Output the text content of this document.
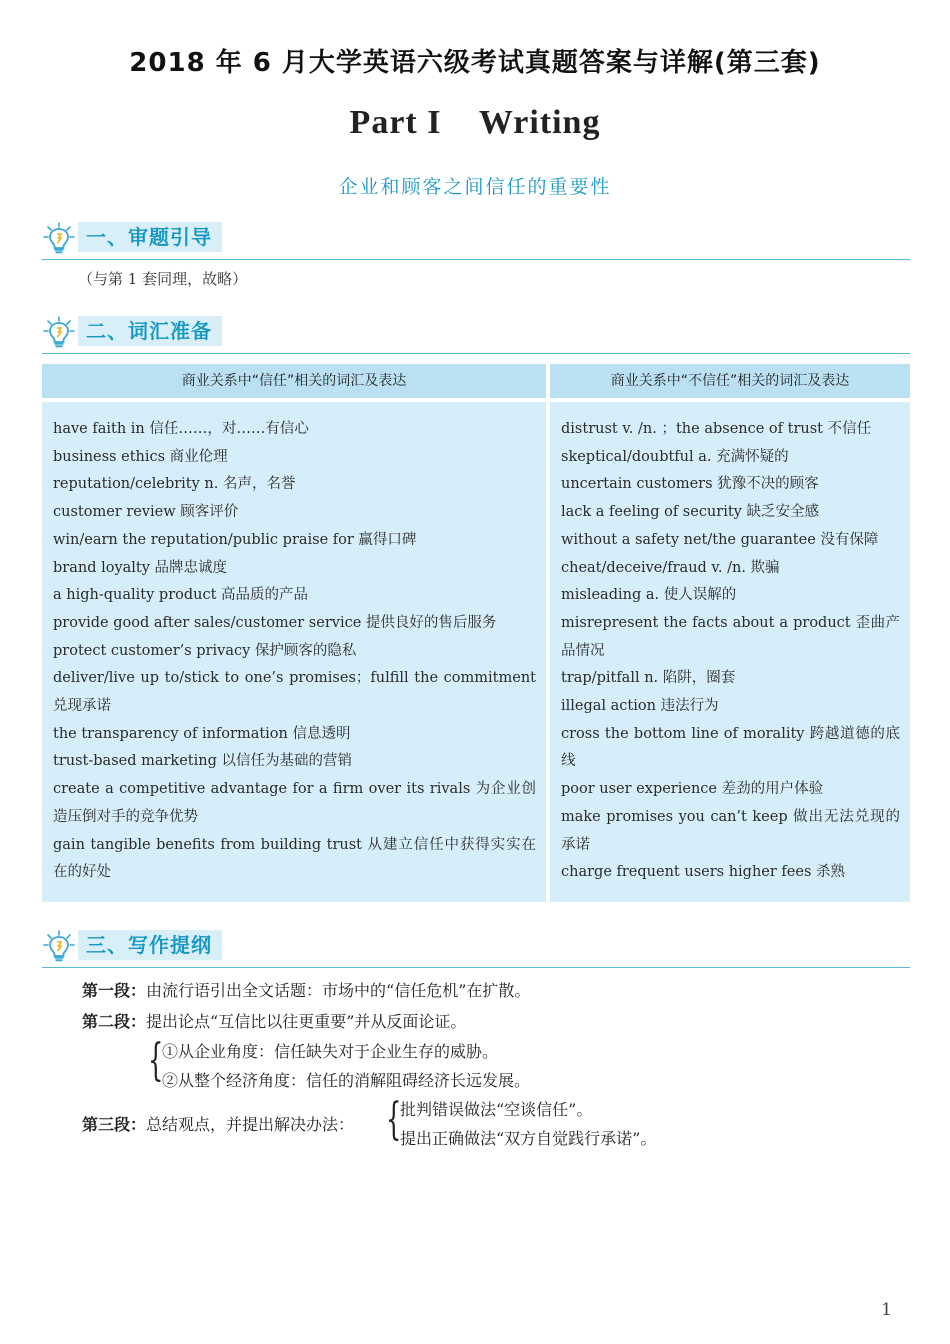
2018 年 6 月大学英语六级考试真题答案与详解(第三套)
Part I    Writing
企业和顾客之间信任的重要性
一、审题引导
（与第 1 套同理，故略）
二、词汇准备
商业关系中“信任”相关的词汇及表达	商业关系中“不信任”相关的词汇及表达
have faith in 信任……，对……有信心
business ethics 商业伦理
reputation/celebrity n. 名声，名誉
customer review 顾客评价
win/earn the reputation/public praise for 赢得口碑
brand loyalty 品牌忠诚度
a high-quality product 高品质的产品
provide good after sales/customer service 提供良好的售后服务
protect customer’s privacy 保护顾客的隐私
deliver/live up to/stick to one’s promises；fulfill the commitment 兑现承诺
the transparency of information 信息透明
trust-based marketing 以信任为基础的营销
create a competitive advantage for a firm over its rivals 为企业创造压倒对手的竞争优势
gain tangible benefits from building trust 从建立信任中获得实实在在的好处
distrust v. /n. ；the absence of trust 不信任
skeptical/doubtful a. 充满怀疑的
uncertain customers 犹豫不决的顾客
lack a feeling of security 缺乏安全感
without a safety net/the guarantee 没有保障
cheat/deceive/fraud v. /n. 欺骗
misleading a. 使人误解的
misrepresent the facts about a product 歪曲产品情况
trap/pitfall n. 陷阱，圈套
illegal action 违法行为
cross the bottom line of morality 跨越道德的底线
poor user experience 差劲的用户体验
make promises you can’t keep 做出无法兑现的承诺
charge frequent users higher fees 杀熟
三、写作提纲
第一段：由流行语引出全文话题：市场中的“信任危机”在扩散。
第二段：提出论点“互信比以往更重要”并从反面论证。
{
①从企业角度：信任缺失对于企业生存的威胁。
②从整个经济角度：信任的消解阻碍经济长远发展。
第三段：总结观点，并提出解决办法： {
批判错误做法“空谈信任”。
提出正确做法“双方自觉践行承诺”。
1
